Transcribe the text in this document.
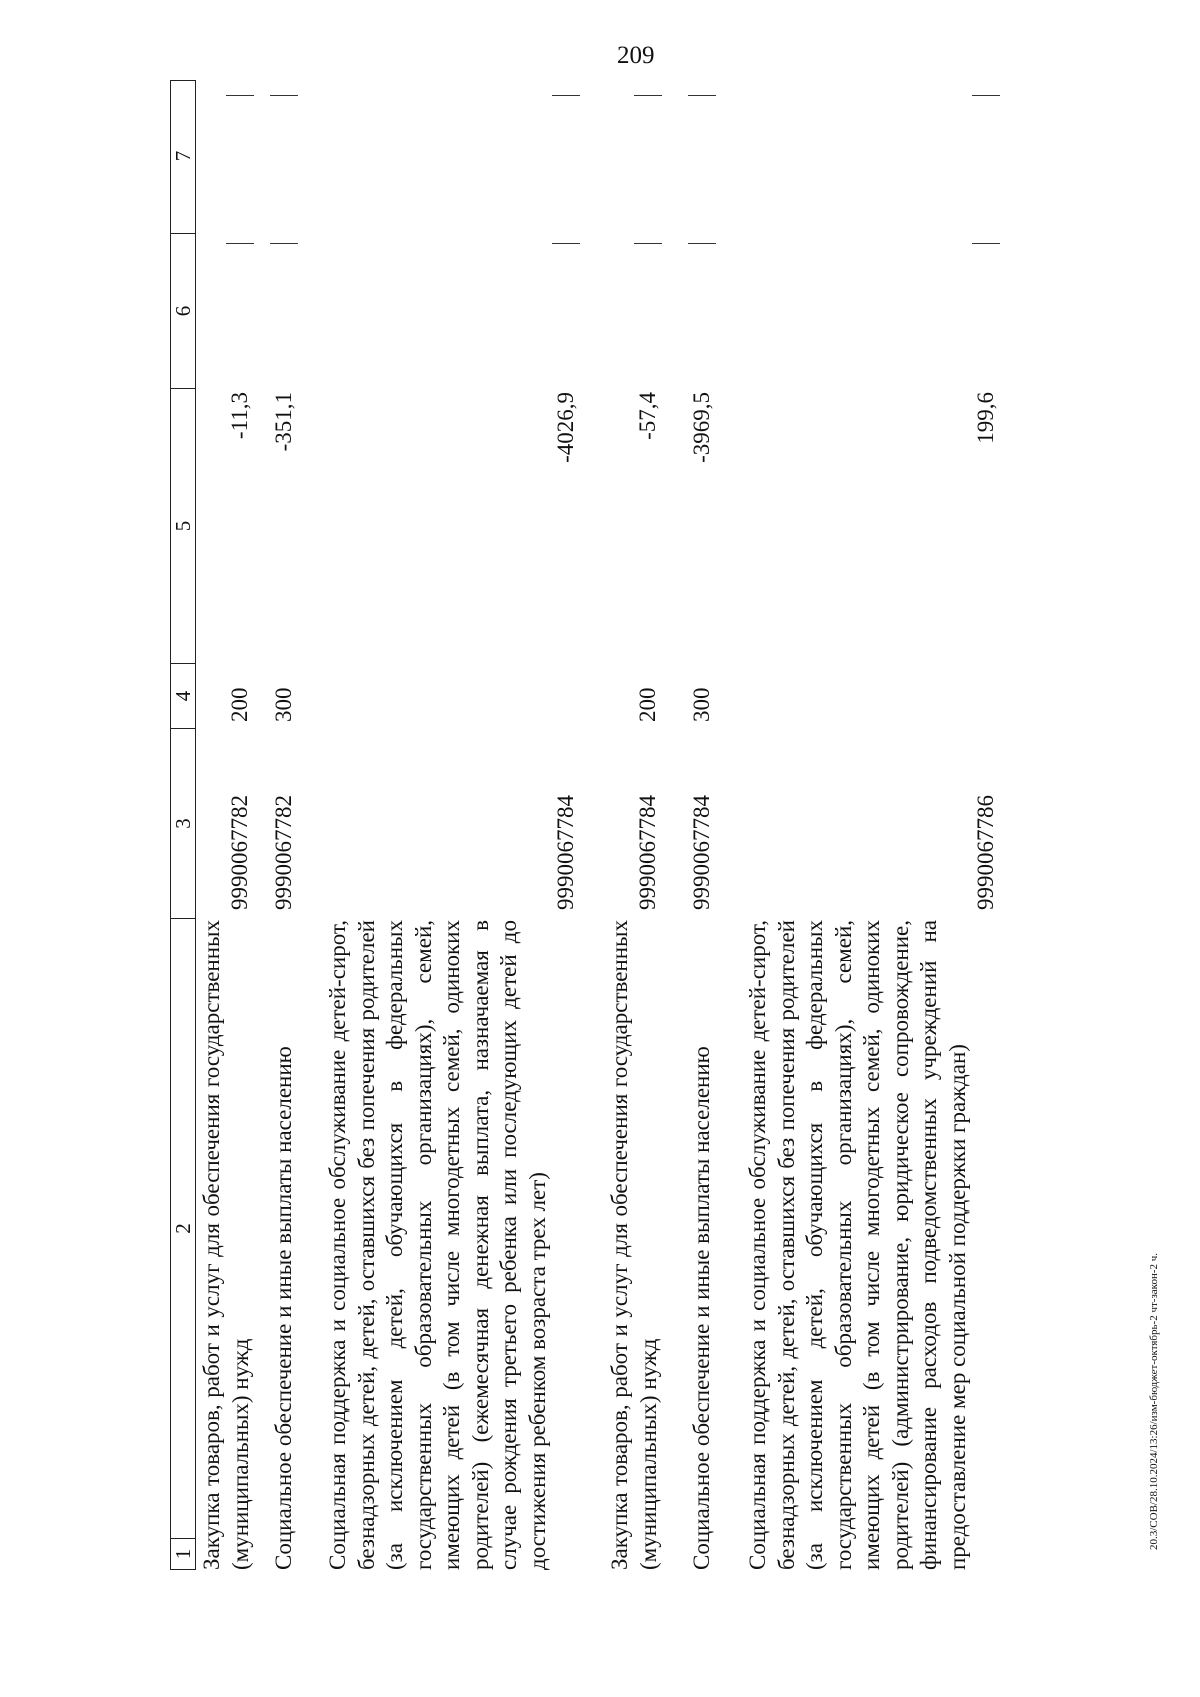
209
20.3/СОВ/28.10.2024/13:26/изм-бюджет-октябрь-2 чт-закон-2 ч.
1
2
3
4
5
6
7
Закупка товаров, работ и услуг для обеспечения государственных (муниципальных) нужд
9990067782
200
-11,3
Социальное обеспечение и иные выплаты населению
9990067782
300
-351,1
Социальная поддержка и социальное обслуживание детей-сирот, безнадзорных детей, детей, оставшихся без попечения родителей (за исключением детей, обучающихся в федеральных государственных образовательных организациях), семей, имеющих детей (в том числе многодетных семей, одиноких родителей) (ежемесячная денежная выплата, назначаемая в случае рождения третьего ребенка или последующих детей до достижения ребенком возраста трех лет)
9990067784
-4026,9
Закупка товаров, работ и услуг для обеспечения государственных (муниципальных) нужд
9990067784
200
-57,4
Социальное обеспечение и иные выплаты населению
9990067784
300
-3969,5
Социальная поддержка и социальное обслуживание детей-сирот, безнадзорных детей, детей, оставшихся без попечения родителей (за исключением детей, обучающихся в федеральных государственных образовательных организациях), семей, имеющих детей (в том числе многодетных семей, одиноких родителей) (администрирование, юридическое сопровождение, финансирование расходов подведомственных учреждений на предоставление мер социальной поддержки граждан)
9990067786
199,6
